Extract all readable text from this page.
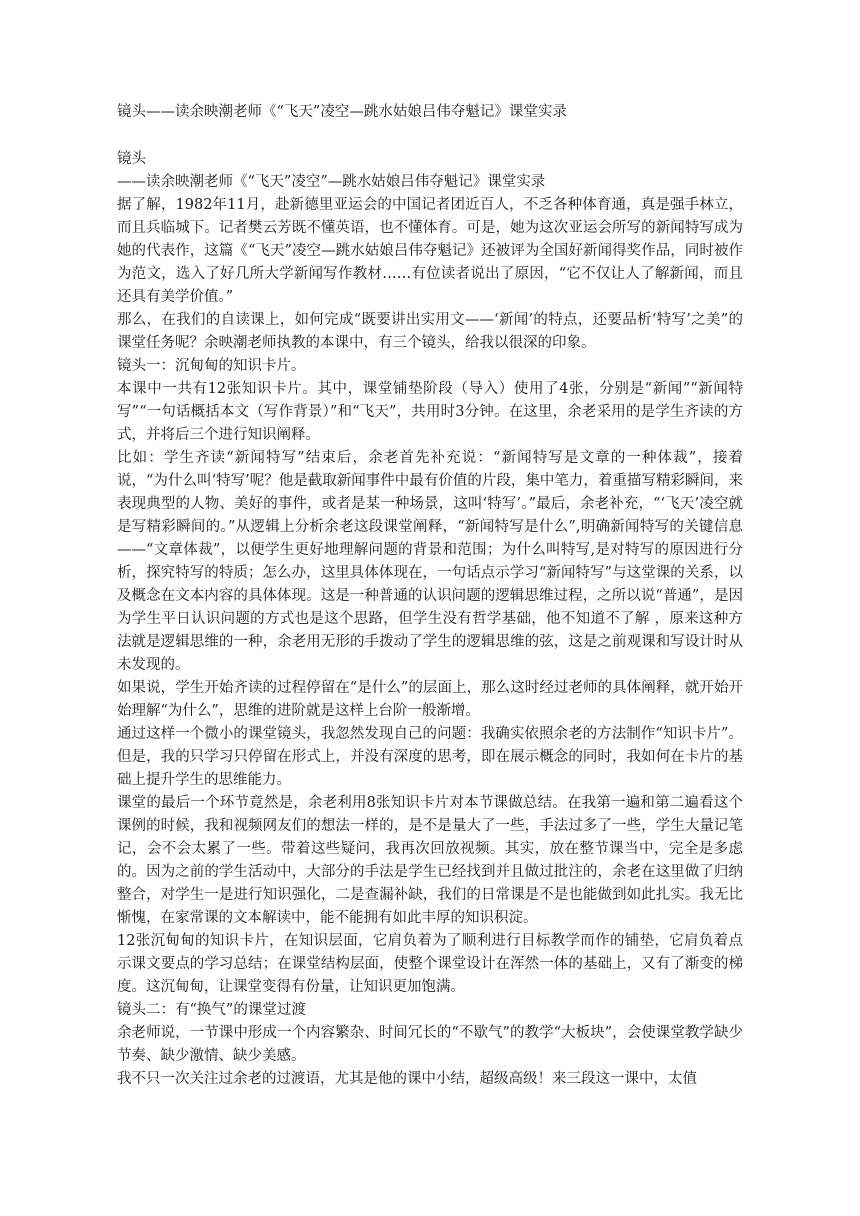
镜头——读余映潮老师《“飞天”凌空—跳水姑娘吕伟夺魁记》课堂实录
镜头
——读余映潮老师《“飞天”凌空”—跳水姑娘吕伟夺魁记》课堂实录

据了解，1982年11月，赴新德里亚运会的中国记者团近百人，不乏各种体育通，真是强手林立，而且兵临城下。记者樊云芳既不懂英语，也不懂体育。可是，她为这次亚运会所写的新闻特写成为她的代表作，这篇《“飞天”凌空—跳水姑娘吕伟夺魁记》还被评为全国好新闻得奖作品，同时被作为范文，选入了好几所大学新闻写作教材……有位读者说出了原因，“它不仅让人了解新闻，而且还具有美学价值。”

那么，在我们的自读课上，如何完成“既要讲出实用文——‘新闻’的特点，还要品析‘特写’之美”的课堂任务呢？余映潮老师执教的本课中，有三个镜头，给我以很深的印象。

镜头一：沉甸甸的知识卡片。

本课中一共有12张知识卡片。其中，课堂铺垫阶段（导入）使用了4张，分别是“新闻”“新闻特写”“一句话概括本文（写作背景）”和“飞天”，共用时3分钟。在这里，余老采用的是学生齐读的方式，并将后三个进行知识阐释。

比如：学生齐读“新闻特写”结束后，余老首先补充说：“新闻特写是文章的一种体裁”，接着说，“为什么叫‘特写’呢？他是截取新闻事件中最有价值的片段，集中笔力，着重描写精彩瞬间，来表现典型的人物、美好的事件，或者是某一种场景，这叫‘特写’。”最后，余老补充，“‘飞天’凌空就是写精彩瞬间的。”从逻辑上分析余老这段课堂阐释，“新闻特写是什么”,明确新闻特写的关键信息——“文章体裁”，以便学生更好地理解问题的背景和范围；为什么叫特写,是对特写的原因进行分析，探究特写的特质；怎么办，这里具体体现在，一句话点示学习“新闻特写”与这堂课的关系，以及概念在文本内容的具体体现。这是一种普通的认识问题的逻辑思维过程，之所以说“普通”，是因为学生平日认识问题的方式也是这个思路，但学生没有哲学基础，他不知道不了解 ，原来这种方法就是逻辑思维的一种，余老用无形的手拨动了学生的逻辑思维的弦，这是之前观课和写设计时从未发现的。

如果说，学生开始齐读的过程停留在“是什么”的层面上，那么这时经过老师的具体阐释，就开始开始理解“为什么”，思维的进阶就是这样上台阶一般渐增。

通过这样一个微小的课堂镜头，我忽然发现自己的问题：我确实依照余老的方法制作“知识卡片”。但是，我的只学习只停留在形式上，并没有深度的思考，即在展示概念的同时，我如何在卡片的基础上提升学生的思维能力。

课堂的最后一个环节竟然是，余老利用8张知识卡片对本节课做总结。在我第一遍和第二遍看这个课例的时候，我和视频网友们的想法一样的，是不是量大了一些，手法过多了一些，学生大量记笔记，会不会太累了一些。带着这些疑问，我再次回放视频。其实，放在整节课当中，完全是多虑的。因为之前的学生活动中，大部分的手法是学生已经找到并且做过批注的，余老在这里做了归纳整合，对学生一是进行知识强化，二是查漏补缺，我们的日常课是不是也能做到如此扎实。我无比惭愧，在家常课的文本解读中，能不能拥有如此丰厚的知识积淀。

12张沉甸甸的知识卡片，在知识层面，它肩负着为了顺利进行目标教学而作的铺垫，它肩负着点示课文要点的学习总结；在课堂结构层面，使整个课堂设计在浑然一体的基础上，又有了渐变的梯度。这沉甸甸，让课堂变得有份量，让知识更加饱满。

镜头二：有“换气”的课堂过渡

余老师说，一节课中形成一个内容繁杂、时间冗长的“不歇气”的教学“大板块”，会使课堂教学缺少节奏、缺少激情、缺少美感。

我不只一次关注过余老的过渡语，尤其是他的课中小结，超级高级！来三段这一课中，太值
